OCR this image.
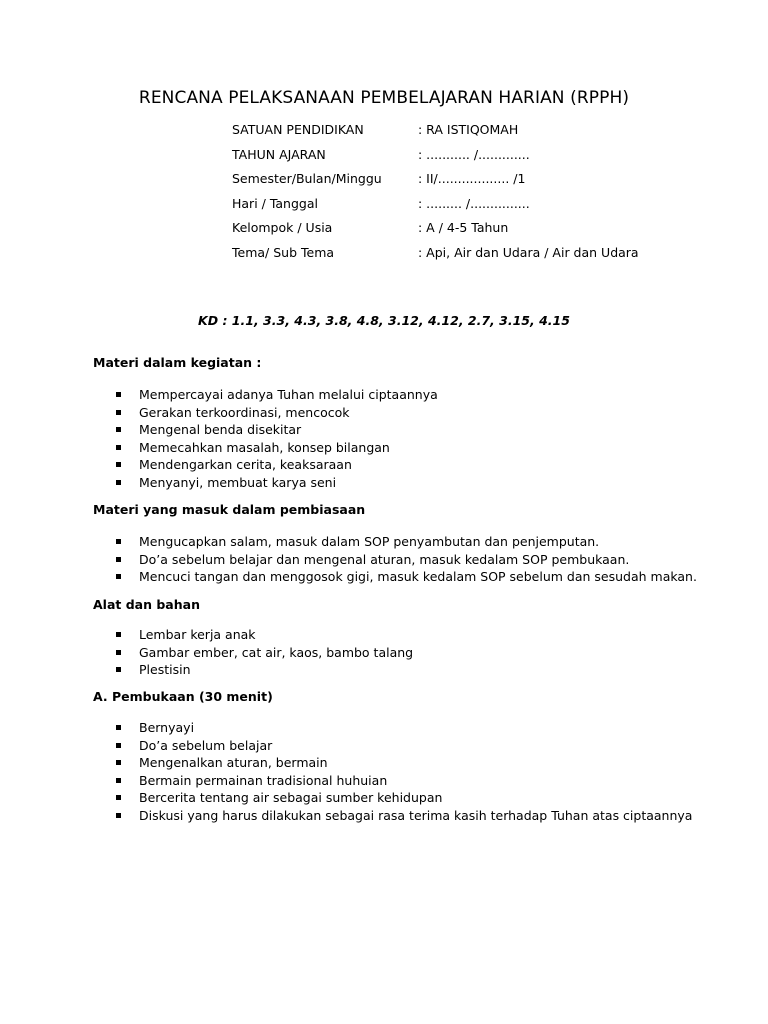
RENCANA PELAKSANAAN PEMBELAJARAN HARIAN (RPPH)
SATUAN PENDIDIKAN	: RA ISTIQOMAH
TAHUN AJARAN	: ........... /.............
Semester/Bulan/Minggu	: II/.................. /1
Hari / Tanggal	: ......... /...............
Kelompok / Usia	: A / 4-5 Tahun
Tema/ Sub Tema	: Api, Air dan Udara / Air dan Udara
KD : 1.1, 3.3, 4.3, 3.8, 4.8, 3.12, 4.12, 2.7, 3.15, 4.15
Materi dalam kegiatan :
Mempercayai adanya Tuhan melalui ciptaannya
Gerakan terkoordinasi, mencocok
Mengenal benda disekitar
Memecahkan masalah, konsep bilangan
Mendengarkan cerita, keaksaraan
Menyanyi, membuat karya seni
Materi yang masuk dalam pembiasaan
Mengucapkan salam, masuk dalam SOP penyambutan dan penjemputan.
Do’a sebelum belajar dan mengenal aturan, masuk kedalam SOP pembukaan.
Mencuci tangan dan menggosok gigi, masuk kedalam SOP sebelum dan sesudah makan.
Alat dan bahan
Lembar kerja anak
Gambar ember, cat air, kaos, bambo talang
Plestisin
A. Pembukaan (30 menit)
Bernyayi
Do’a sebelum belajar
Mengenalkan aturan, bermain
Bermain permainan tradisional huhuian
Bercerita tentang air sebagai sumber kehidupan
Diskusi yang harus dilakukan sebagai rasa terima kasih terhadap Tuhan atas ciptaannya
